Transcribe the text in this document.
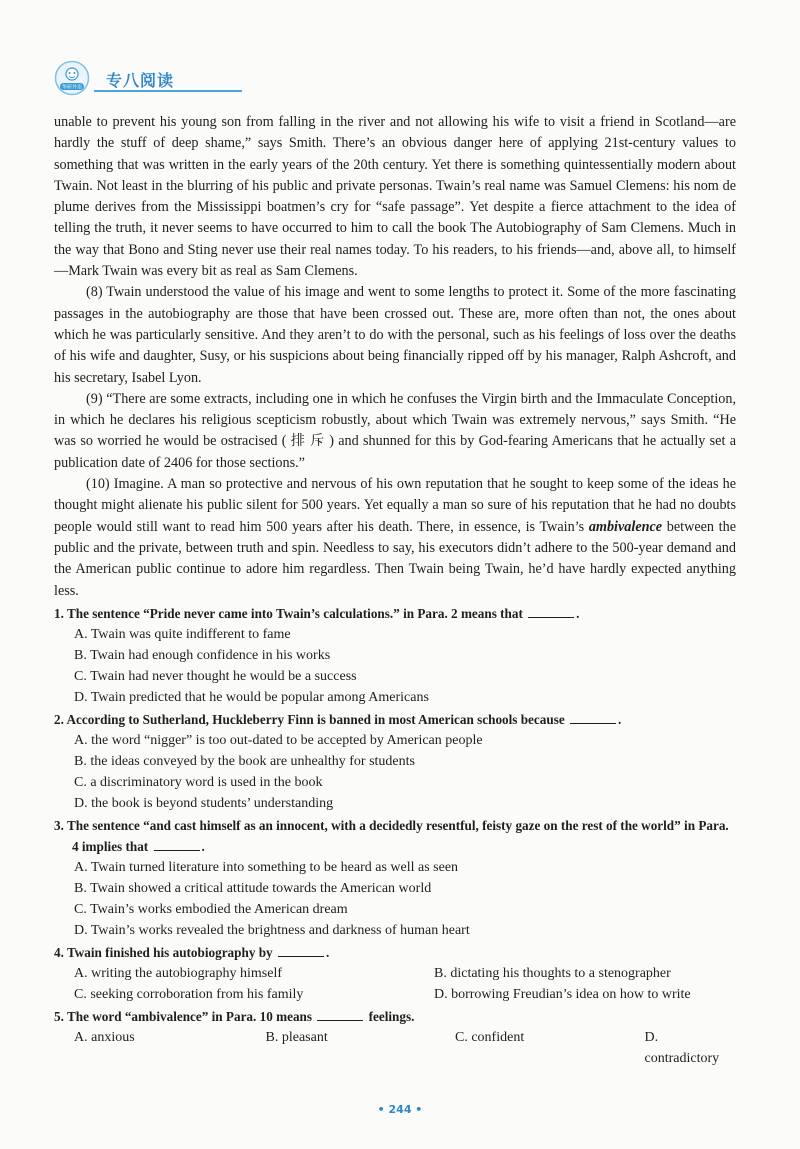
华研外语 专八阅读

unable to prevent his young son from falling in the river and not allowing his wife to visit a friend in Scotland—are hardly the stuff of deep shame,” says Smith. There’s an obvious danger here of applying 21st-century values to something that was written in the early years of the 20th century. Yet there is something quintessentially modern about Twain. Not least in the blurring of his public and private personas. Twain’s real name was Samuel Clemens: his nom de plume derives from the Mississippi boatmen’s cry for “safe passage”. Yet despite a fierce attachment to the idea of telling the truth, it never seems to have occurred to him to call the book The Autobiography of Sam Clemens. Much in the way that Bono and Sting never use their real names today. To his readers, to his friends—and, above all, to himself—Mark Twain was every bit as real as Sam Clemens.

(8) Twain understood the value of his image and went to some lengths to protect it. Some of the more fascinating passages in the autobiography are those that have been crossed out. These are, more often than not, the ones about which he was particularly sensitive. And they aren’t to do with the personal, such as his feelings of loss over the deaths of his wife and daughter, Susy, or his suspicions about being financially ripped off by his manager, Ralph Ashcroft, and his secretary, Isabel Lyon.

(9) “There are some extracts, including one in which he confuses the Virgin birth and the Immaculate Conception, in which he declares his religious scepticism robustly, about which Twain was extremely nervous,” says Smith. “He was so worried he would be ostracised ( 排 斥 ) and shunned for this by God-fearing Americans that he actually set a publication date of 2406 for those sections.”

(10) Imagine. A man so protective and nervous of his own reputation that he sought to keep some of the ideas he thought might alienate his public silent for 500 years. Yet equally a man so sure of his reputation that he had no doubts people would still want to read him 500 years after his death. There, in essence, is Twain’s ambivalence between the public and the private, between truth and spin. Needless to say, his executors didn’t adhere to the 500-year demand and the American public continue to adore him regardless. Then Twain being Twain, he’d have hardly expected anything less.

1. The sentence “Pride never came into Twain’s calculations.” in Para. 2 means that	.

A. Twain was quite indifferent to fame

B. Twain had enough confidence in his works

C. Twain had never thought he would be a success

D. Twain predicted that he would be popular among Americans

2. According to Sutherland, Huckleberry Finn is banned in most American schools because	.

A. the word “nigger” is too out-dated to be accepted by American people

B. the ideas conveyed by the book are unhealthy for students

C. a discriminatory word is used in the book

D. the book is beyond students’ understanding

3. The sentence “and cast himself as an innocent, with a decidedly resentful, feisty gaze on the rest of the world” in Para. 4 implies that	.

A. Twain turned literature into something to be heard as well as seen

B. Twain showed a critical attitude towards the American world

C. Twain’s works embodied the American dream

D. Twain’s works revealed the brightness and darkness of human heart

4. Twain finished his autobiography by	.

A. writing the autobiography himself	B. dictating his thoughts to a stenographer
C. seeking corroboration from his family	D. borrowing Freudian’s idea on how to write

5. The word “ambivalence” in Para. 10 means	feelings.

A. anxious	B. pleasant	C. confident	D. contradictory
• 244 •
